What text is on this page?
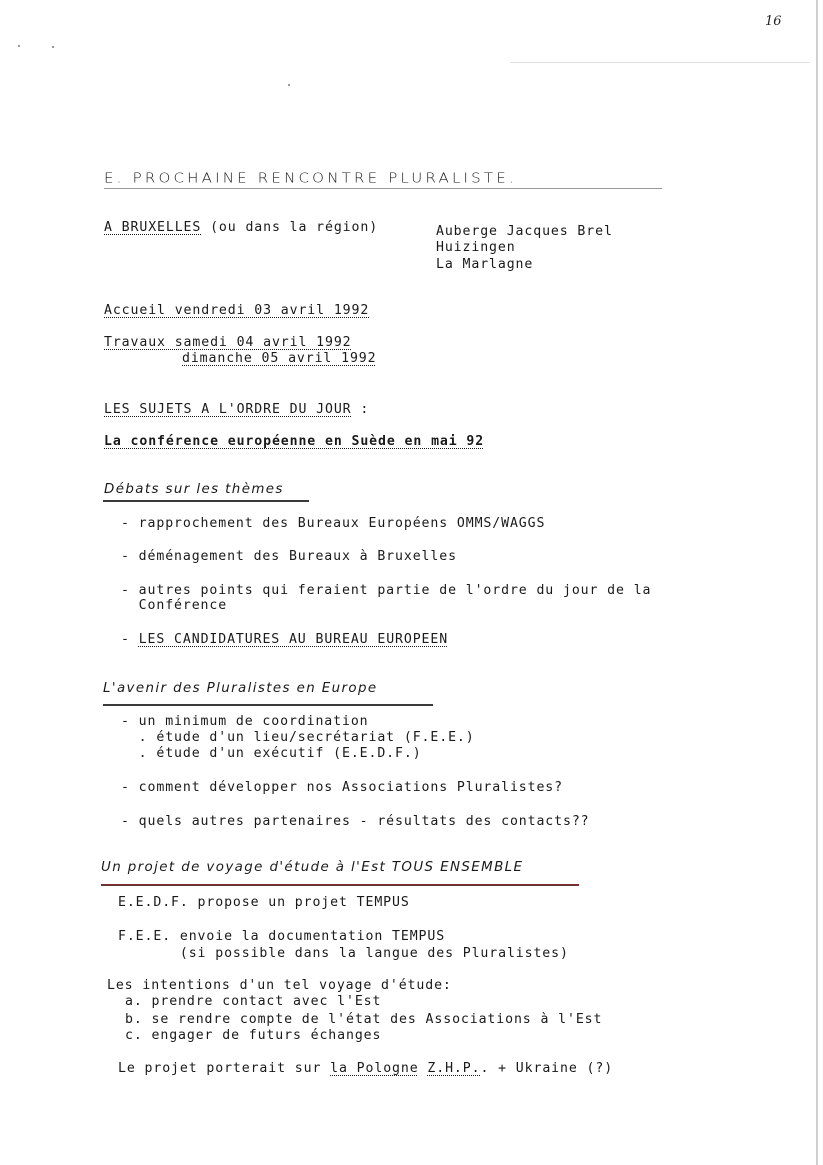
16
E. PROCHAINE RENCONTRE PLURALISTE.
A BRUXELLES (ou dans la région)	Auberge Jacques Brel
Huizingen
La Marlagne
Accueil vendredi 03 avril 1992
Travaux samedi 04 avril 1992
dimanche 05 avril 1992
LES SUJETS A L'ORDRE DU JOUR :
La conférence européenne en Suède en mai 92
Débats sur les thèmes
- rapprochement des Bureaux Européens OMMS/WAGGS
- déménagement des Bureaux à Bruxelles
- autres points qui feraient partie de l'ordre du jour de la
Conférence
- LES CANDIDATURES AU BUREAU EUROPEEN
L'avenir des Pluralistes en Europe
- un minimum de coordination
. étude d'un lieu/secrétariat (F.E.E.)
. étude d'un exécutif (E.E.D.F.)
- comment développer nos Associations Pluralistes?
- quels autres partenaires - résultats des contacts??
Un projet de voyage d'étude à l'Est TOUS ENSEMBLE
E.E.D.F. propose un projet TEMPUS
F.E.E. envoie la documentation TEMPUS
(si possible dans la langue des Pluralistes)
Les intentions d'un tel voyage d'étude:
a. prendre contact avec l'Est
b. se rendre compte de l'état des Associations à l'Est
c. engager de futurs échanges
Le projet porterait sur la Pologne Z.H.P.. + Ukraine (?)
